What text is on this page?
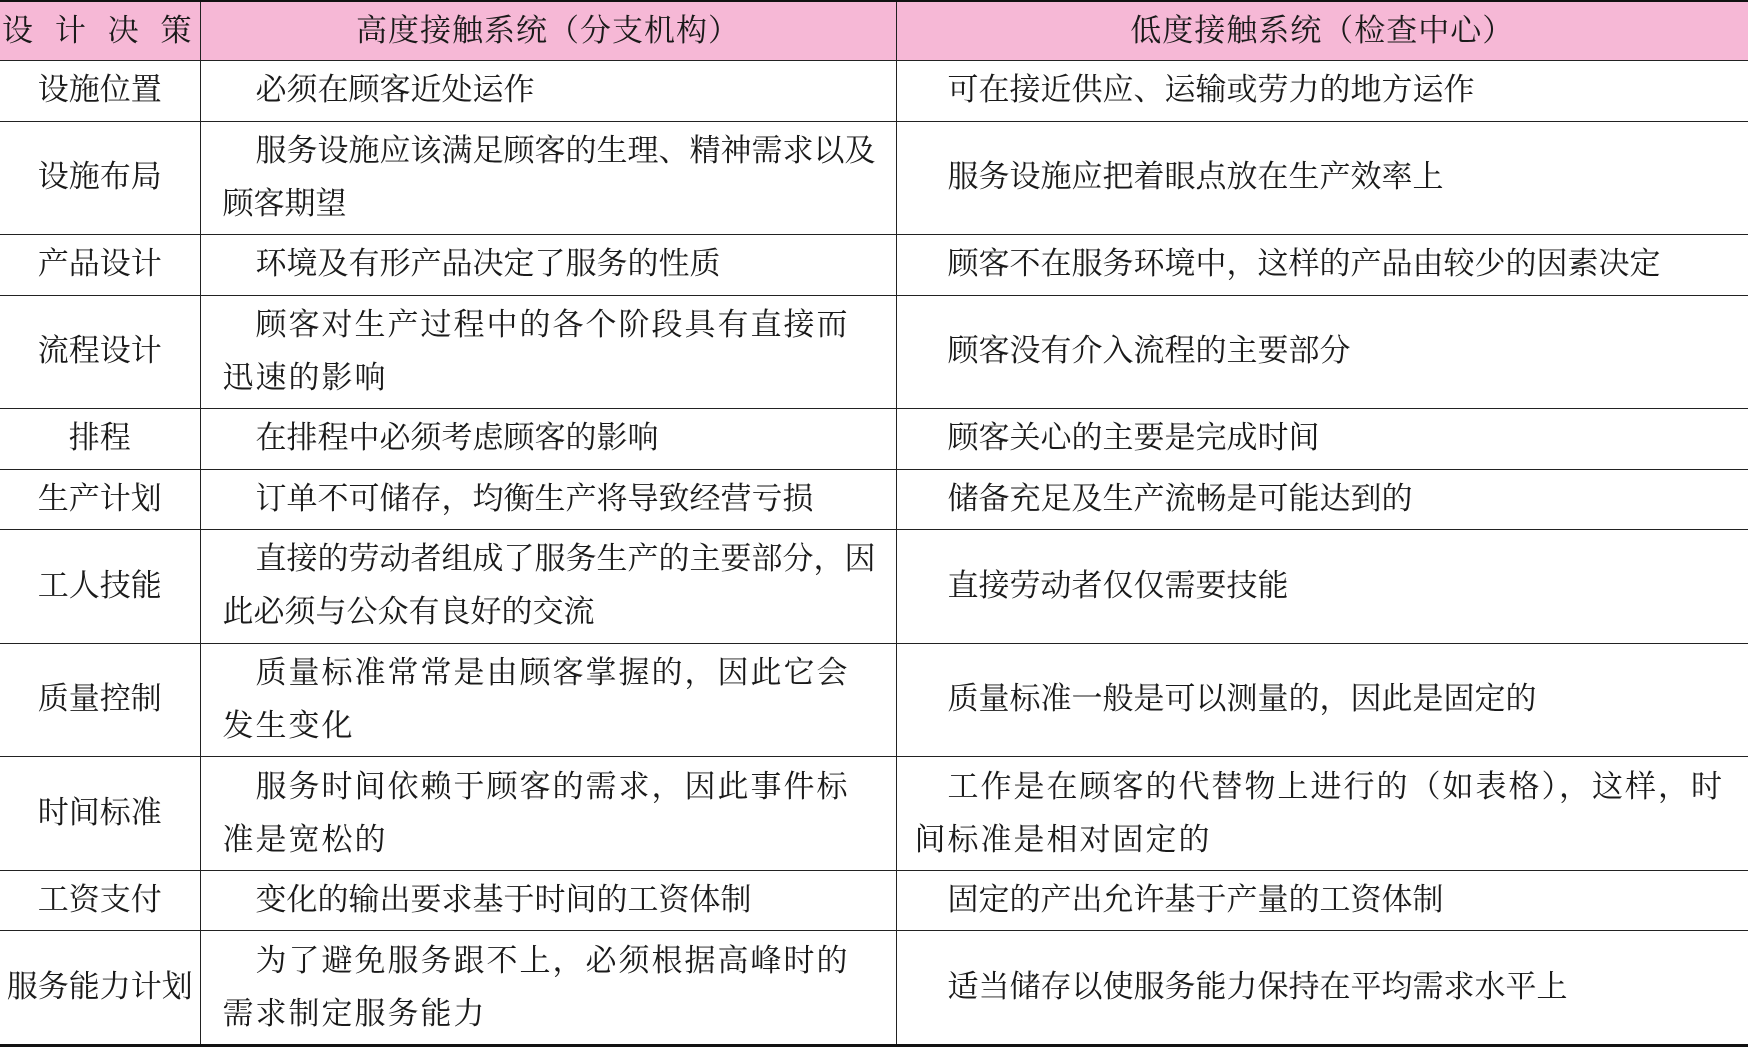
设 计 决 策	高度接触系统（分支机构）	低度接触系统（检查中心）
设施位置	必须在顾客近处运作	可在接近供应、运输或劳力的地方运作

设施布局	服务设施应该满足顾客的生理、精神需求以及顾客期望	服务设施应把着眼点放在生产效率上

产品设计	环境及有形产品决定了服务的性质	顾客不在服务环境中，这样的产品由较少的因素决定

流程设计	顾客对生产过程中的各个阶段具有直接而迅速的影响	顾客没有介入流程的主要部分

排程	在排程中必须考虑顾客的影响	顾客关心的主要是完成时间

生产计划	订单不可储存，均衡生产将导致经营亏损	储备充足及生产流畅是可能达到的

工人技能	直接的劳动者组成了服务生产的主要部分，因此必须与公众有良好的交流	直接劳动者仅仅需要技能

质量控制	质量标准常常是由顾客掌握的，因此它会发生变化	质量标准一般是可以测量的，因此是固定的

时间标准	服务时间依赖于顾客的需求，因此事件标准是宽松的	工作是在顾客的代替物上进行的（如表格），这样，时间标准是相对固定的

工资支付	变化的输出要求基于时间的工资体制	固定的产出允许基于产量的工资体制

服务能力计划	为了避免服务跟不上，必须根据高峰时的需求制定服务能力	适当储存以使服务能力保持在平均需求水平上
